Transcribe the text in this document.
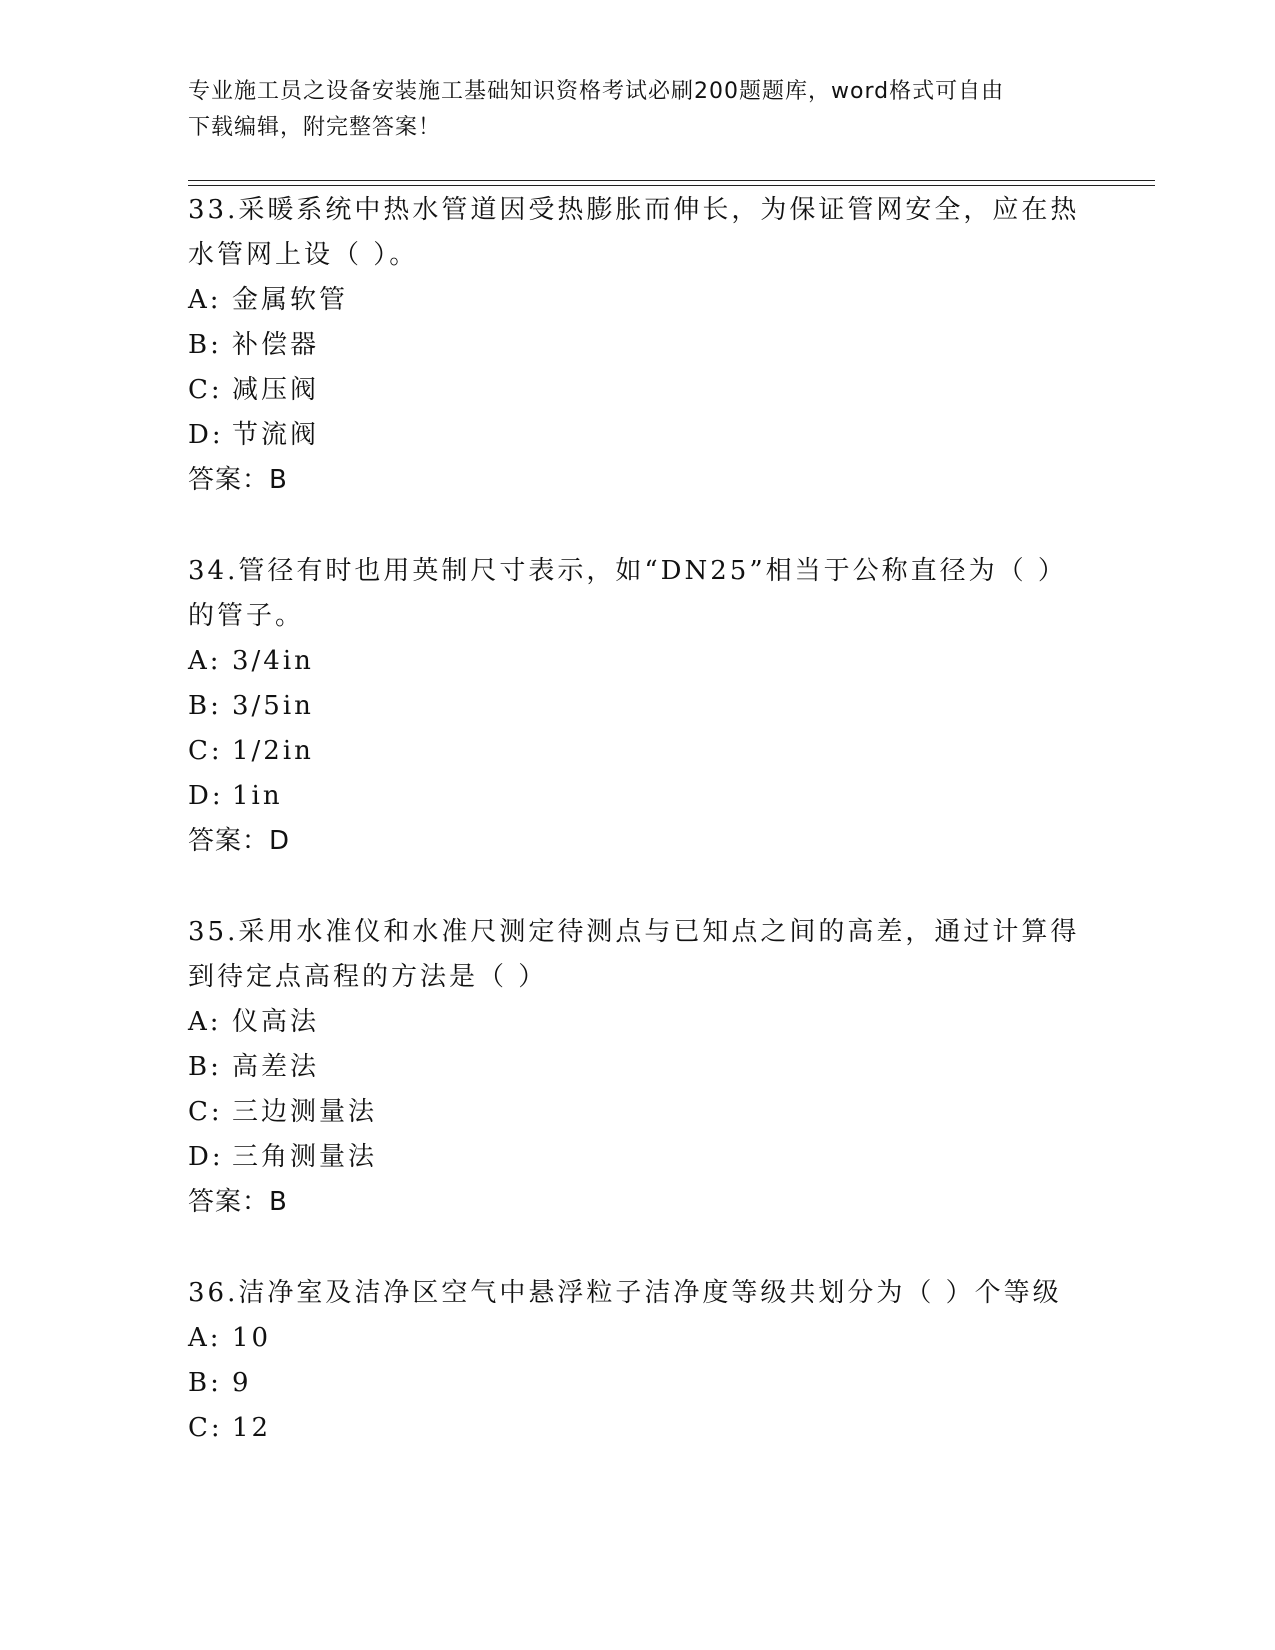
专业施工员之设备安装施工基础知识资格考试必刷200题题库，word格式可自由
下载编辑，附完整答案！
33.采暖系统中热水管道因受热膨胀而伸长，为保证管网安全，应在热水管网上设（ ）。
A: 金属软管
B: 补偿器
C: 减压阀
D: 节流阀
答案：B
34.管径有时也用英制尺寸表示，如“DN25”相当于公称直径为（ ）的管子。
A: 3/4in
B: 3/5in
C: 1/2in
D: 1in
答案：D
35.采用水准仪和水准尺测定待测点与已知点之间的高差，通过计算得到待定点高程的方法是（ ）
A: 仪高法
B: 高差法
C: 三边测量法
D: 三角测量法
答案：B
36.洁净室及洁净区空气中悬浮粒子洁净度等级共划分为（ ）个等级
A: 10
B: 9
C: 12
